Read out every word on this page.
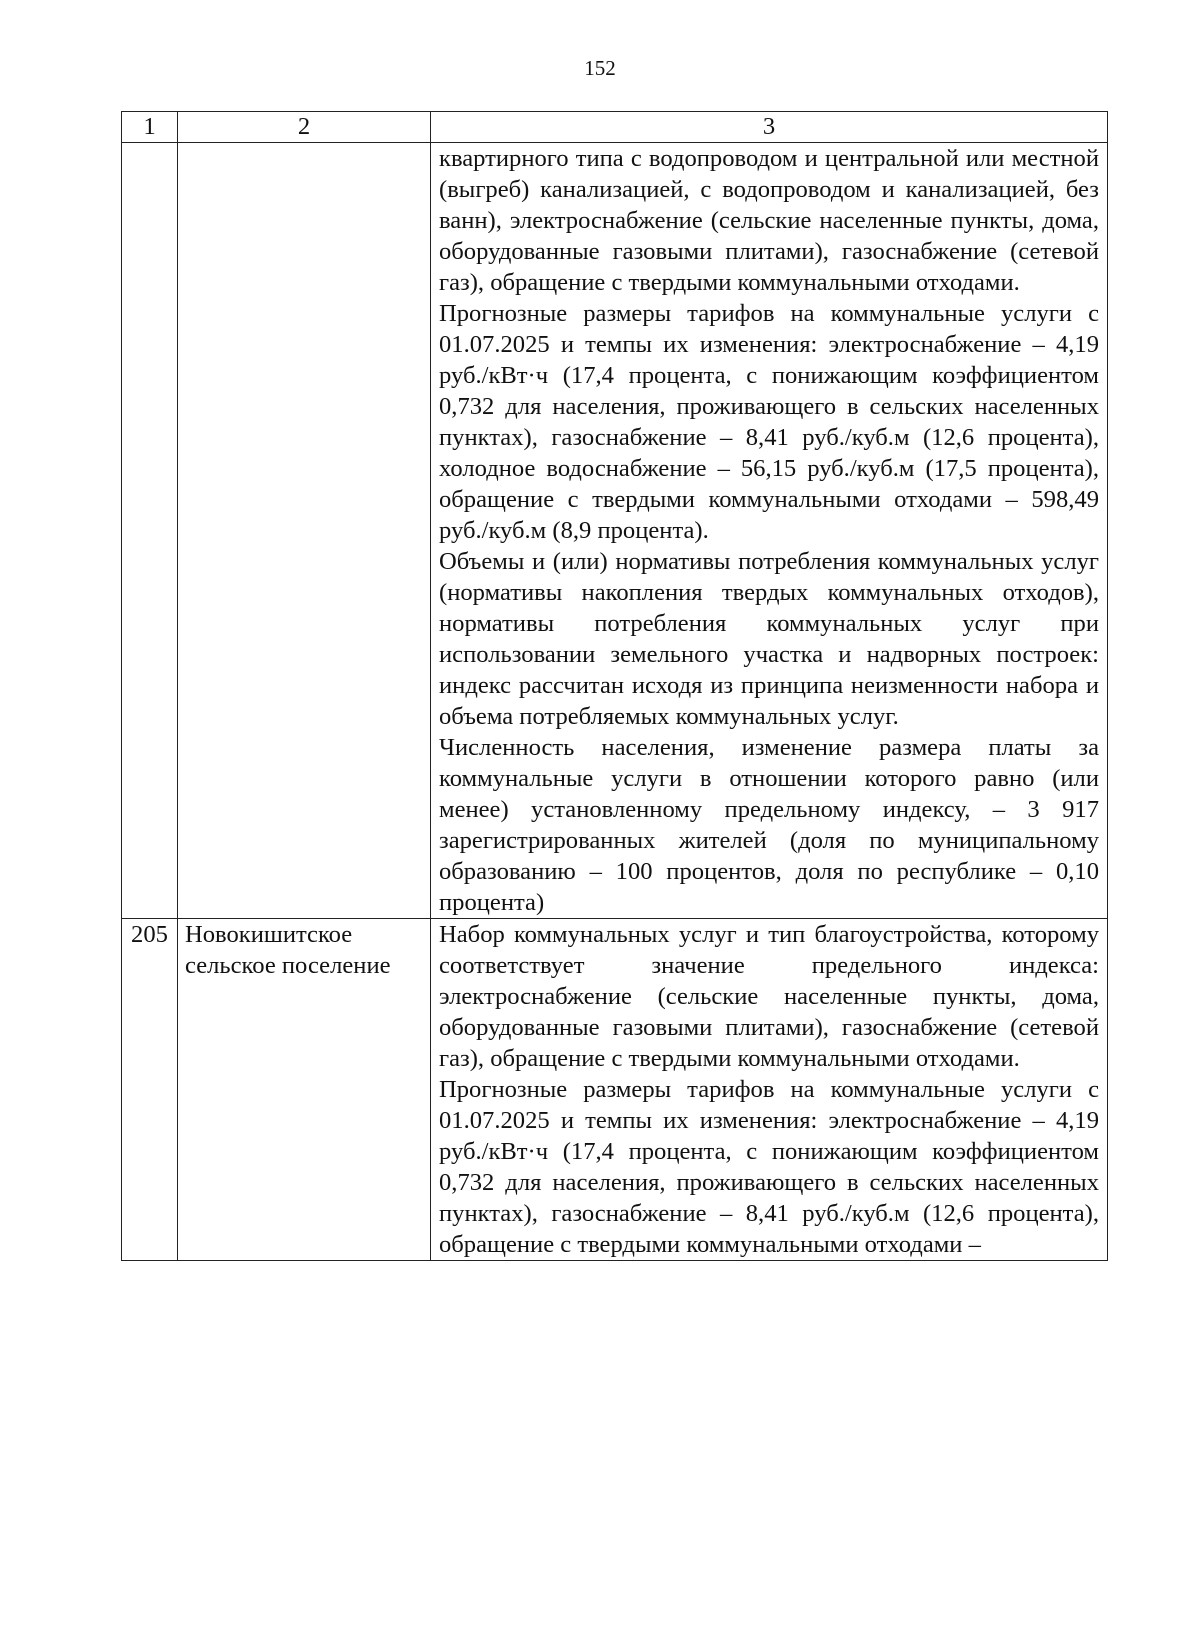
152
1	2	3

		квартирного типа с водопроводом и центральной или местной (выгреб) канализацией, с водопроводом и канализацией, без ванн), электроснабжение (сельские населенные пункты, дома, оборудованные газовыми плитами), газоснабжение (сетевой газ), обращение с твердыми коммунальными отходами.
Прогнозные размеры тарифов на коммунальные услуги с 01.07.2025 и темпы их изменения: электроснабжение – 4,19 руб./кВт·ч (17,4 процента, с понижающим коэффициентом 0,732 для населения, проживающего в сельских населенных пунктах), газоснабжение – 8,41 руб./куб.м (12,6 процента), холодное водоснабжение – 56,15 руб./куб.м (17,5 процента), обращение с твердыми коммунальными отходами – 598,49 руб./куб.м (8,9 процента).
Объемы и (или) нормативы потребления коммунальных услуг (нормативы накопления твердых коммунальных отходов), нормативы потребления коммунальных услуг при использовании земельного участка и надворных построек: индекс рассчитан исходя из принципа неизменности набора и объема потребляемых коммунальных услуг.
Численность населения, изменение размера платы за коммунальные услуги в отношении которого равно (или менее) установленному предельному индексу, – 3 917 зарегистрированных жителей (доля по муниципальному образованию – 100 процентов, доля по республике – 0,10 процента)

205	Новокишитское сельское поселение	Набор коммунальных услуг и тип благоустройства, которому соответствует значение предельного индекса: электроснабжение (сельские населенные пункты, дома, оборудованные газовыми плитами), газоснабжение (сетевой газ), обращение с твердыми коммунальными отходами.
Прогнозные размеры тарифов на коммунальные услуги с 01.07.2025 и темпы их изменения: электроснабжение – 4,19 руб./кВт·ч (17,4 процента, с понижающим коэффициентом 0,732 для населения, проживающего в сельских населенных пунктах), газоснабжение – 8,41 руб./куб.м (12,6 процента), обращение с твердыми коммунальными отходами –
